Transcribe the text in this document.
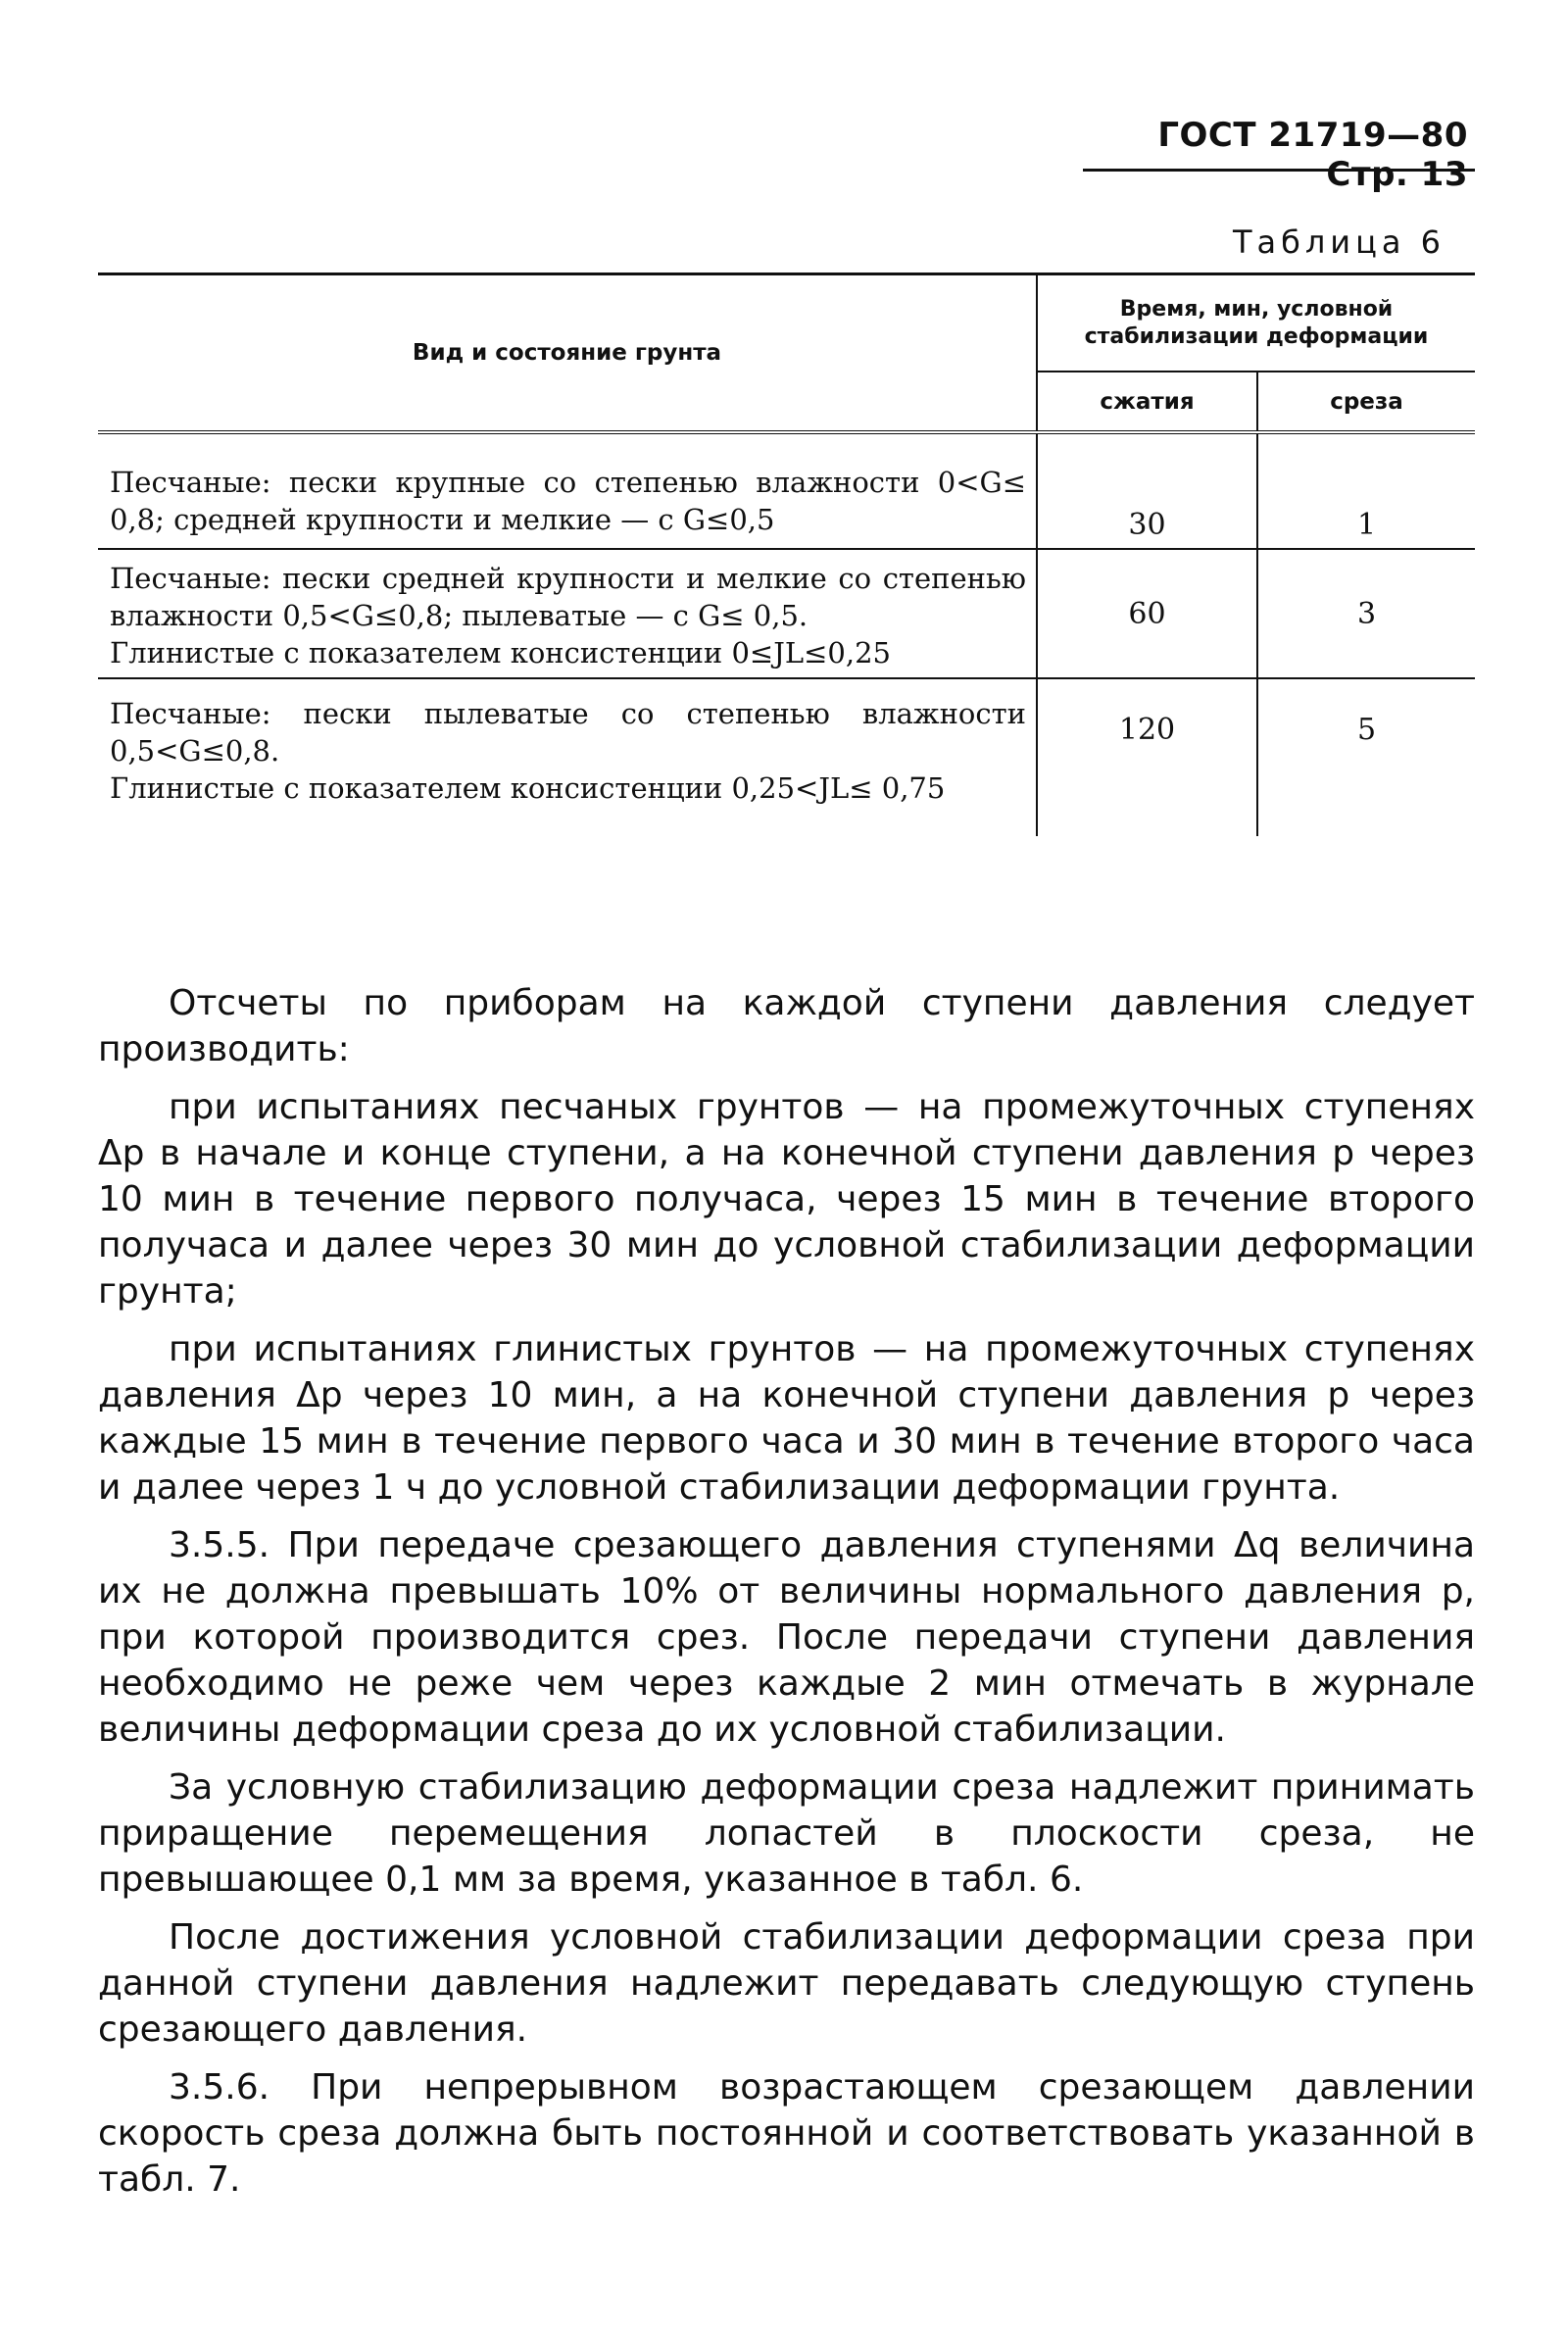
ГОСТ 21719—80 Стр. 13
Таблица 6
Вид и состояние грунта	Время, мин, условной стабилизации деформации	
	сжатия	среза

Песчаные: пески крупные со степенью влажности 0<G≤ 0,8; средней крупности и мелкие — с G≤0,5	30	1

Песчаные: пески средней крупности и мелкие со степенью влажности 0,5<G≤0,8; пылеватые — с G≤ 0,5.
Глинистые с показателем консистенции 0≤JL≤0,25	60	3

Песчаные: пески пылеватые со степенью влажности 0,5<G≤0,8.
Глинистые с показателем консистенции 0,25<JL≤ 0,75	120	5

Отсчеты по приборам на каждой ступени давления следует производить:

при испытаниях песчаных грунтов — на промежуточных ступенях Δp в начале и конце ступени, а на конечной ступени давления p через 10 мин в течение первого получаса, через 15 мин в течение второго получаса и далее через 30 мин до условной стабилизации деформации грунта;

при испытаниях глинистых грунтов — на промежуточных ступенях давления Δp через 10 мин, а на конечной ступени давления p через каждые 15 мин в течение первого часа и 30 мин в течение второго часа и далее через 1 ч до условной стабилизации деформации грунта.

3.5.5. При передаче срезающего давления ступенями Δq величина их не должна превышать 10% от величины нормального давления p, при которой производится срез. После передачи ступени давления необходимо не реже чем через каждые 2 мин отмечать в журнале величины деформации среза до их условной стабилизации.

За условную стабилизацию деформации среза надлежит принимать приращение перемещения лопастей в плоскости среза, не превышающее 0,1 мм за время, указанное в табл. 6.

После достижения условной стабилизации деформации среза при данной ступени давления надлежит передавать следующую ступень срезающего давления.

3.5.6. При непрерывном возрастающем срезающем давлении скорость среза должна быть постоянной и соответствовать указанной в табл. 7.
